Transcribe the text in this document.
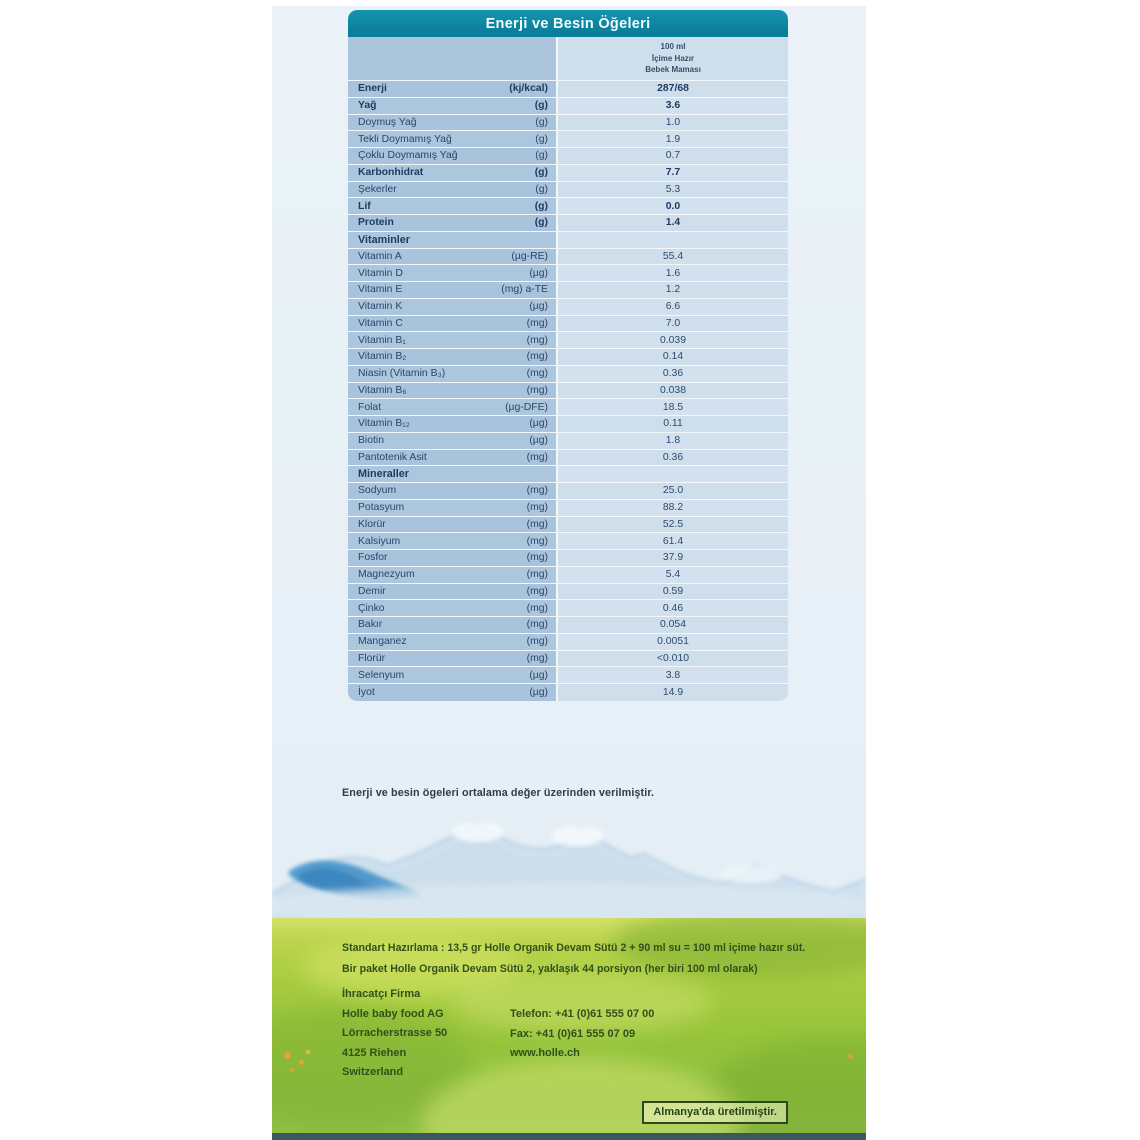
Enerji ve Besin Öğeleri
100 ml
İçime Hazır
Bebek Maması
Enerji	(kj/kcal)	287/68
Yağ	(g)	3.6
Doymuş Yağ	(g)	1.0
Tekli Doymamış Yağ	(g)	1.9
Çoklu Doymamış Yağ	(g)	0.7
Karbonhidrat	(g)	7.7
Şekerler	(g)	5.3
Lif	(g)	0.0
Protein	(g)	1.4
Vitaminler
Vitamin A	(µg-RE)	55.4
Vitamin D	(µg)	1.6
Vitamin E	(mg) a-TE	1.2
Vitamin K	(µg)	6.6
Vitamin C	(mg)	7.0
Vitamin B₁	(mg)	0.039
Vitamin B₂	(mg)	0.14
Niasin (Vitamin B₃)	(mg)	0.36
Vitamin B₆	(mg)	0.038
Folat	(µg-DFE)	18.5
Vitamin B₁₂	(µg)	0.11
Biotin	(µg)	1.8
Pantotenik Asit	(mg)	0.36
Mineraller
Sodyum	(mg)	25.0
Potasyum	(mg)	88.2
Klorür	(mg)	52.5
Kalsiyum	(mg)	61.4
Fosfor	(mg)	37.9
Magnezyum	(mg)	5.4
Demir	(mg)	0.59
Çinko	(mg)	0.46
Bakır	(mg)	0.054
Manganez	(mg)	0.0051
Florür	(mg)	<0.010
Selenyum	(µg)	3.8
İyot	(µg)	14.9
Enerji ve besin ögeleri ortalama değer üzerinden verilmiştir.
Standart Hazırlama : 13,5 gr Holle Organik Devam Sütü 2 + 90 ml su = 100 ml içime hazır süt.
Bir paket Holle Organik Devam Sütü 2, yaklaşık 44 porsiyon (her biri 100 ml olarak)
İhracatçı Firma
Holle baby food AG
Lörracherstrasse 50
4125 Riehen
Switzerland
Telefon: +41 (0)61 555 07 00
Fax: +41 (0)61 555 07 09
www.holle.ch
Almanya'da üretilmiştir.
